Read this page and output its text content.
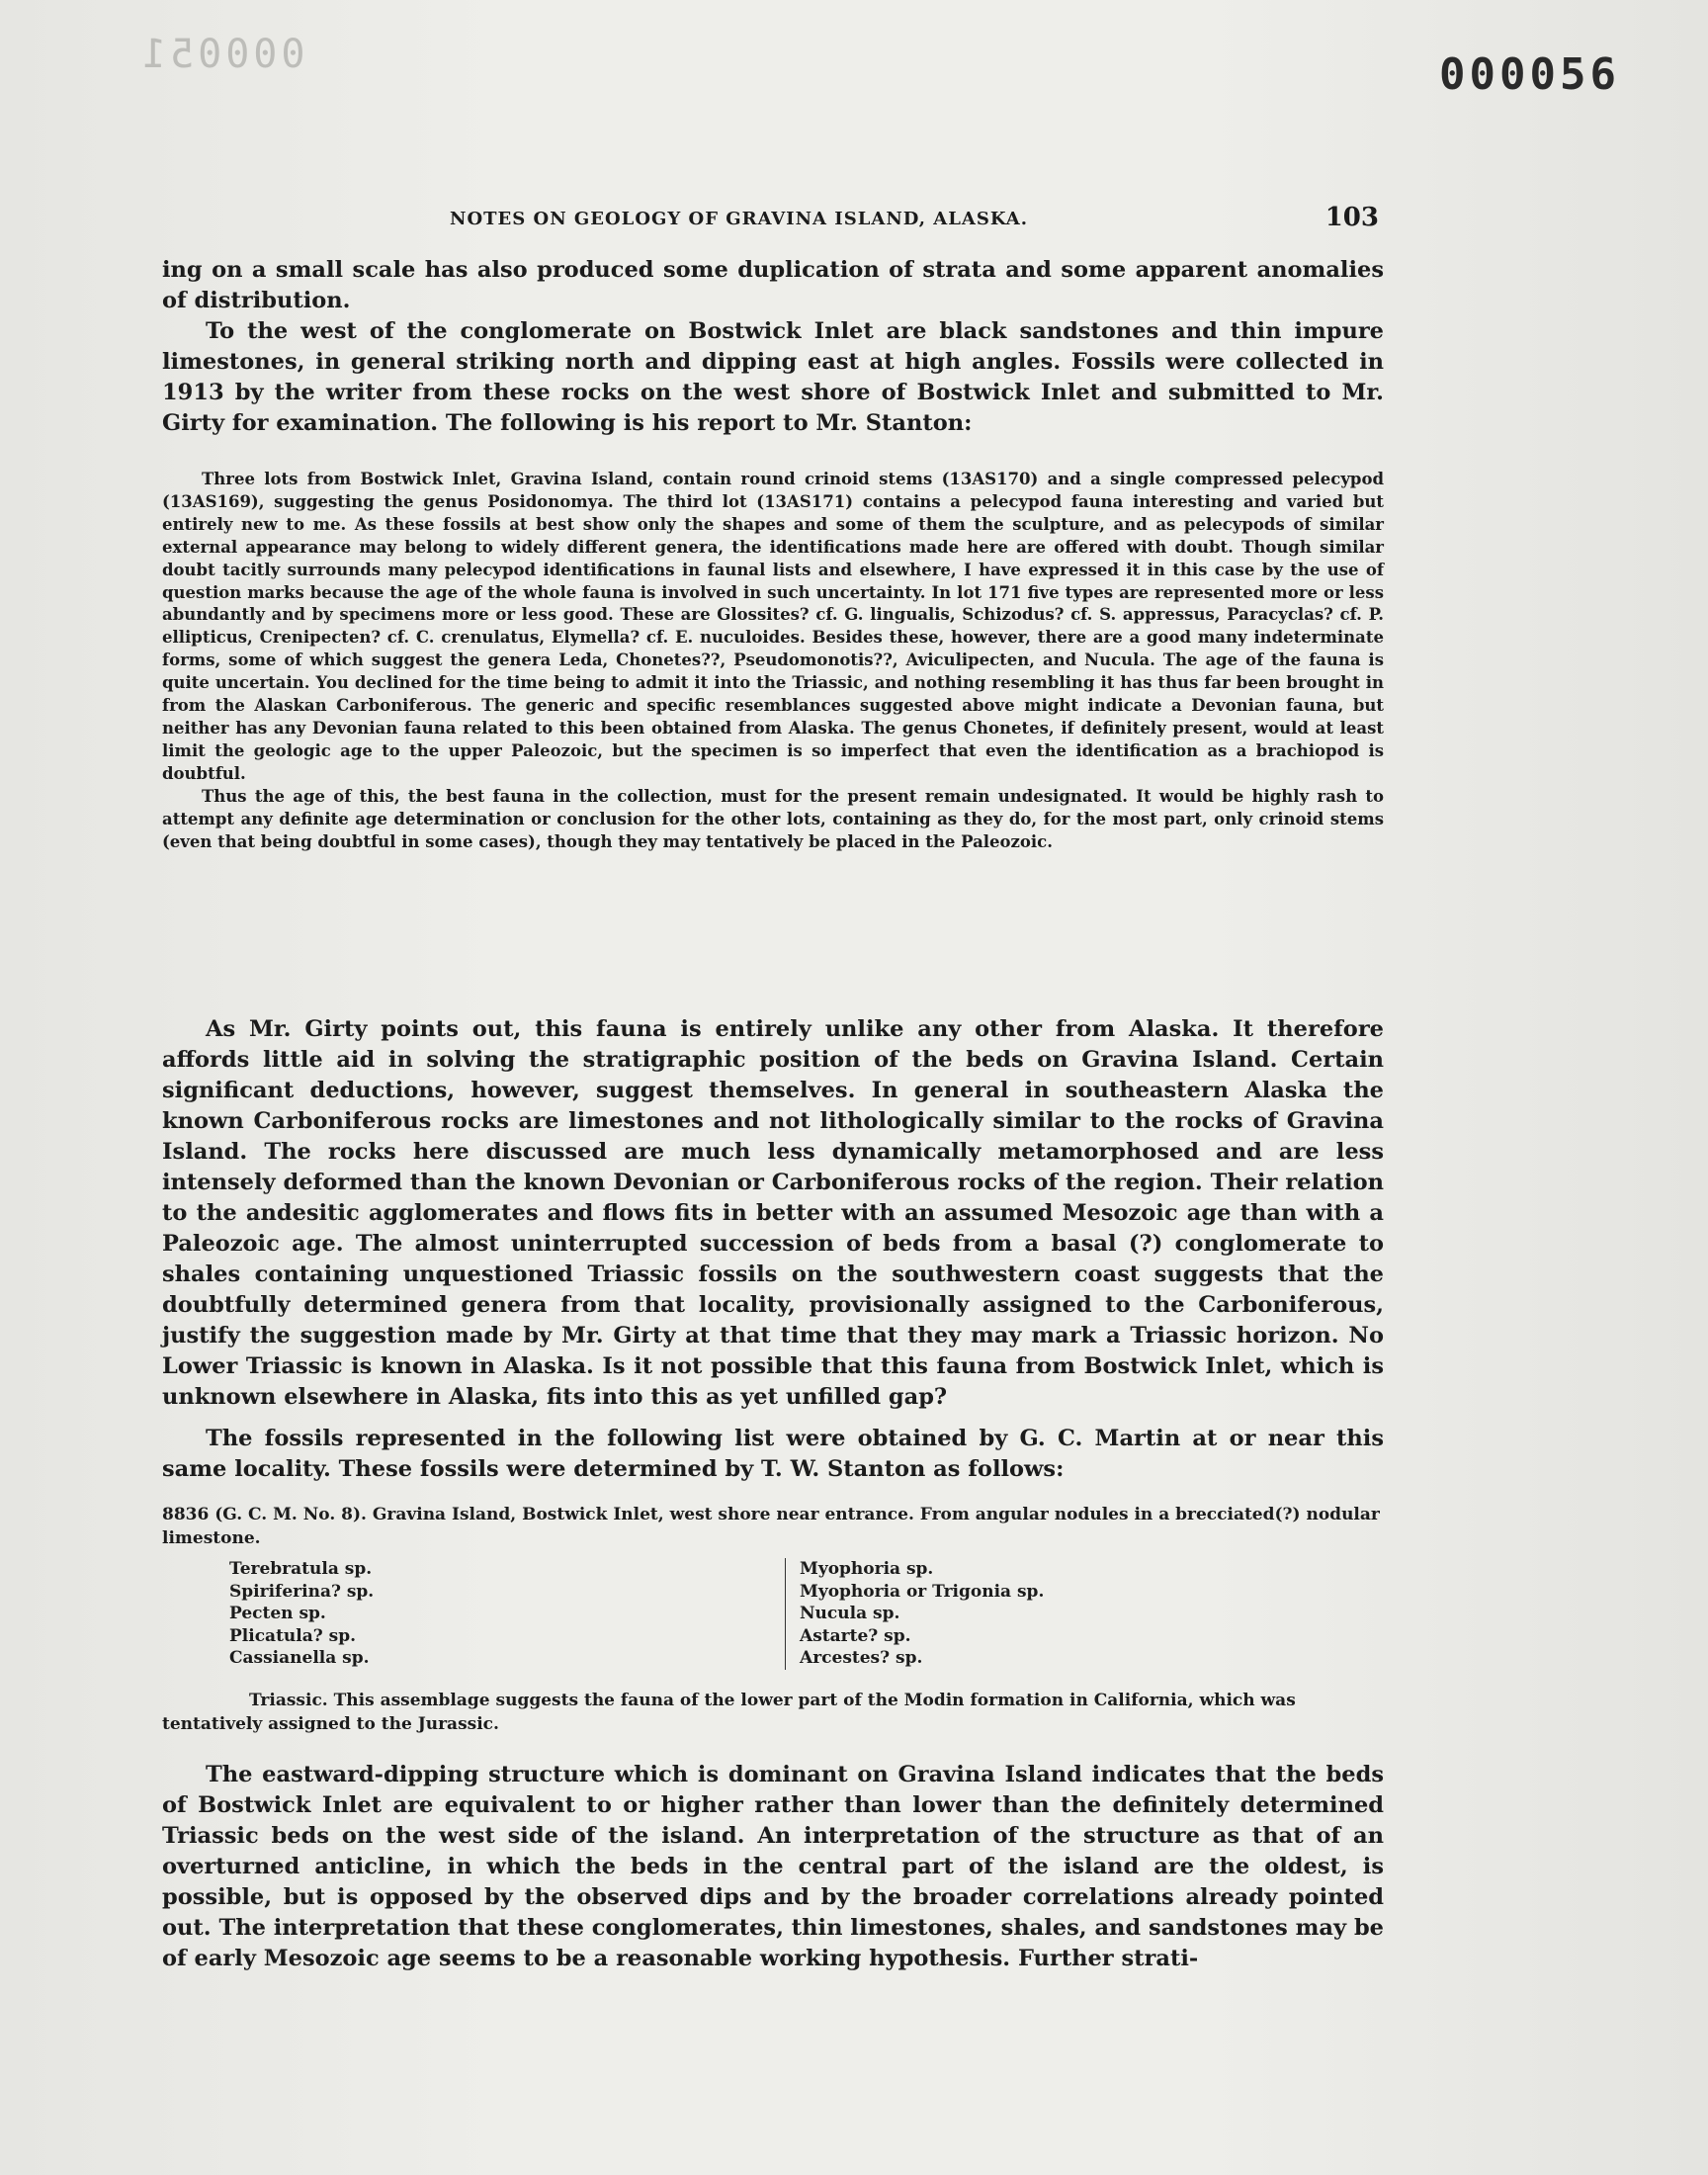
000051	000056
NOTES ON GEOLOGY OF GRAVINA ISLAND, ALASKA.	103

ing on a small scale has also produced some duplication of strata and some apparent anomalies of distribution.

To the west of the conglomerate on Bostwick Inlet are black sandstones and thin impure limestones, in general striking north and dipping east at high angles. Fossils were collected in 1913 by the writer from these rocks on the west shore of Bostwick Inlet and submitted to Mr. Girty for examination. The following is his report to Mr. Stanton:

Three lots from Bostwick Inlet, Gravina Island, contain round crinoid stems (13AS170) and a single compressed pelecypod (13AS169), suggesting the genus Posidonomya. The third lot (13AS171) contains a pelecypod fauna interesting and varied but entirely new to me. As these fossils at best show only the shapes and some of them the sculpture, and as pelecypods of similar external appearance may belong to widely different genera, the identifications made here are offered with doubt. Though similar doubt tacitly surrounds many pelecypod identifications in faunal lists and elsewhere, I have expressed it in this case by the use of question marks because the age of the whole fauna is involved in such uncertainty. In lot 171 five types are represented more or less abundantly and by specimens more or less good. These are Glossites? cf. G. lingualis, Schizodus? cf. S. appressus, Paracyclas? cf. P. ellipticus, Crenipecten? cf. C. crenulatus, Elymella? cf. E. nuculoides. Besides these, however, there are a good many indeterminate forms, some of which suggest the genera Leda, Chonetes??, Pseudomonotis??, Aviculipecten, and Nucula. The age of the fauna is quite uncertain. You declined for the time being to admit it into the Triassic, and nothing resembling it has thus far been brought in from the Alaskan Carboniferous. The generic and specific resemblances suggested above might indicate a Devonian fauna, but neither has any Devonian fauna related to this been obtained from Alaska. The genus Chonetes, if definitely present, would at least limit the geologic age to the upper Paleozoic, but the specimen is so imperfect that even the identification as a brachiopod is doubtful.

Thus the age of this, the best fauna in the collection, must for the present remain undesignated. It would be highly rash to attempt any definite age determination or conclusion for the other lots, containing as they do, for the most part, only crinoid stems (even that being doubtful in some cases), though they may tentatively be placed in the Paleozoic.

As Mr. Girty points out, this fauna is entirely unlike any other from Alaska. It therefore affords little aid in solving the stratigraphic position of the beds on Gravina Island. Certain significant deductions, however, suggest themselves. In general in southeastern Alaska the known Carboniferous rocks are limestones and not lithologically similar to the rocks of Gravina Island. The rocks here discussed are much less dynamically metamorphosed and are less intensely deformed than the known Devonian or Carboniferous rocks of the region. Their relation to the andesitic agglomerates and flows fits in better with an assumed Mesozoic age than with a Paleozoic age. The almost uninterrupted succession of beds from a basal (?) conglomerate to shales containing unquestioned Triassic fossils on the southwestern coast suggests that the doubtfully determined genera from that locality, provisionally assigned to the Carboniferous, justify the suggestion made by Mr. Girty at that time that they may mark a Triassic horizon. No Lower Triassic is known in Alaska. Is it not possible that this fauna from Bostwick Inlet, which is unknown elsewhere in Alaska, fits into this as yet unfilled gap?

The fossils represented in the following list were obtained by G. C. Martin at or near this same locality. These fossils were determined by T. W. Stanton as follows:

8836 (G. C. M. No. 8). Gravina Island, Bostwick Inlet, west shore near entrance. From angular nodules in a brecciated(?) nodular limestone.

Terebratula sp.
Spiriferina? sp.
Pecten sp.
Plicatula? sp.
Cassianella sp.
Myophoria sp.
Myophoria or Trigonia sp.
Nucula sp.
Astarte? sp.
Arcestes? sp.

Triassic. This assemblage suggests the fauna of the lower part of the Modin formation in California, which was tentatively assigned to the Jurassic.

The eastward-dipping structure which is dominant on Gravina Island indicates that the beds of Bostwick Inlet are equivalent to or higher rather than lower than the definitely determined Triassic beds on the west side of the island. An interpretation of the structure as that of an overturned anticline, in which the beds in the central part of the island are the oldest, is possible, but is opposed by the observed dips and by the broader correlations already pointed out. The interpretation that these conglomerates, thin limestones, shales, and sandstones may be of early Mesozoic age seems to be a reasonable working hypothesis. Further strati-
